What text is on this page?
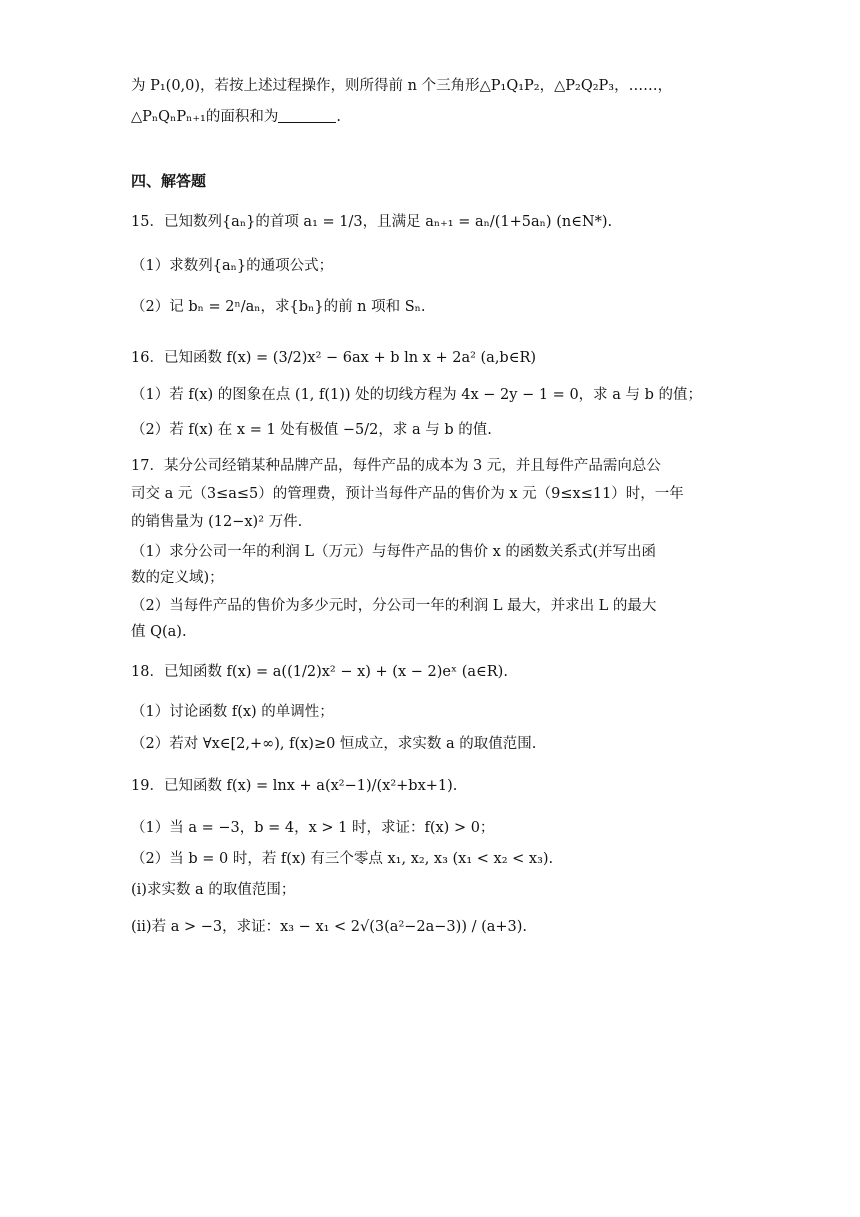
为 P₁(0,0)，若按上述过程操作，则所得前 n 个三角形△P₁Q₁P₂，△P₂Q₂P₃，……，
△PₙQₙPₙ₊₁的面积和为	.
四、解答题
15．已知数列{aₙ}的首项 a₁ = 1/3，且满足 aₙ₊₁ = aₙ/(1+5aₙ) (n∈N*).
（1）求数列{aₙ}的通项公式；
（2）记 bₙ = 2ⁿ/aₙ，求{bₙ}的前 n 项和 Sₙ.
16．已知函数 f(x) = (3/2)x² − 6ax + b ln x + 2a² (a,b∈R)
（1）若 f(x) 的图象在点 (1, f(1)) 处的切线方程为 4x − 2y − 1 = 0，求 a 与 b 的值；
（2）若 f(x) 在 x = 1 处有极值 −5/2，求 a 与 b 的值.
17．某分公司经销某种品牌产品，每件产品的成本为 3 元，并且每件产品需向总公
司交 a 元（3≤a≤5）的管理费，预计当每件产品的售价为 x 元（9≤x≤11）时，一年
的销售量为 (12−x)² 万件.
（1）求分公司一年的利润 L（万元）与每件产品的售价 x 的函数关系式(并写出函
数的定义域)；
（2）当每件产品的售价为多少元时，分公司一年的利润 L 最大，并求出 L 的最大
值 Q(a).
18．已知函数 f(x) = a((1/2)x² − x) + (x − 2)eˣ (a∈R).
（1）讨论函数 f(x) 的单调性；
（2）若对 ∀x∈[2,+∞), f(x)≥0 恒成立，求实数 a 的取值范围.
19．已知函数 f(x) = lnx + a(x²−1)/(x²+bx+1).
（1）当 a = −3，b = 4，x > 1 时，求证：f(x) > 0；
（2）当 b = 0 时，若 f(x) 有三个零点 x₁, x₂, x₃ (x₁ < x₂ < x₃).
(i)求实数 a 的取值范围；
(ii)若 a > −3，求证：x₃ − x₁ < 2√(3(a²−2a−3)) / (a+3).
